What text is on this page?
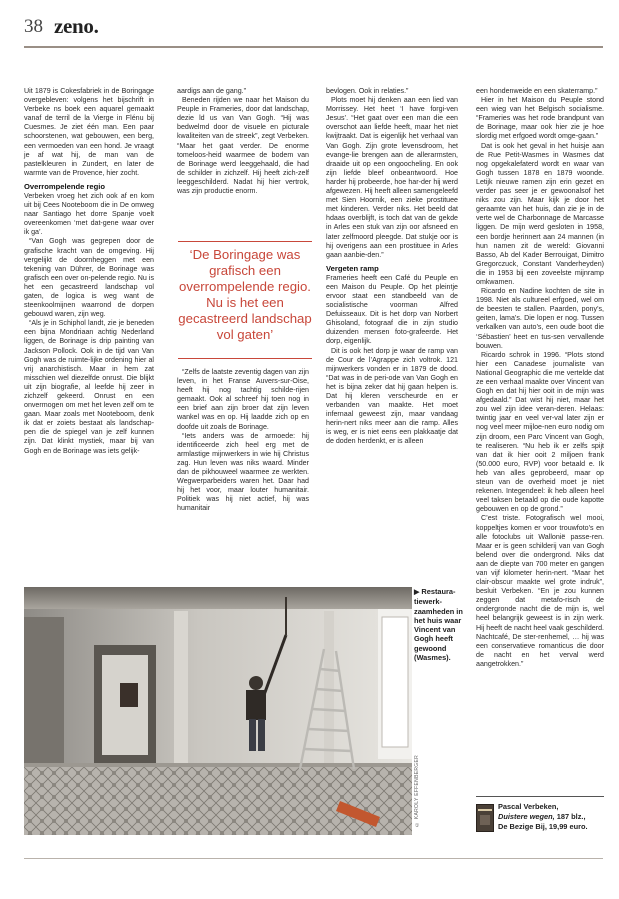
38 zeno.

Uit 1879 is Cokesfabriek in de Boringage overgebleven: volgens het bijschrift in Verbeke ns boek een aquarel gemaakt vanaf de terril de la Vierge in Flénu bij Cuesmes. Je ziet één man. Een paar schoorstenen, wat gebouwen, een berg, een vermoeden van een hond. Je vraagt je af wat hij, de man van de pastelkleuren in Zundert, en later de warmte van de Provence, hier zocht.

Overrompelende regio

Verbeken vroeg het zich ook af en kom uit bij Cees Nooteboom die in De omweg naar Santiago het dorre Spanje voelt overeenkomen ‘met dat-gene waar over ik ga’.

“Van Gogh was gegrepen door de grafische kracht van de omgeving. Hij vergelijkt de doornheggen met een tekening van Dührer, de Borinage was grafisch een over on-pelende regio. Nu is het een gecastreerd landschap vol gaten, de logica is weg want de steenkoolmijnen waarrond de dorpen gebouwd waren, zijn weg.

“Als je in Schiphol landt, zie je beneden een bijna Mondriaan achtig Nederland liggen, de Borinage is drip painting van Jackson Pollock. Ook in de tijd van Van Gogh was de ruimte-lijke ordening hier al vrij anarchistisch. Maar in hem zat misschien wel diezelfde onrust. Die blijkt uit zijn biografie, al leefde hij zeer in zichzelf gekeerd. Onrust en een onvermogen om met het leven zelf om te gaan. Maar zoals met Nooteboom, denk ik dat er zoiets bestaat als landschap-pen die de spiegel van je zelf kunnen zijn. Dat klinkt mystiek, maar bij van Gogh en de Borinage was iets gelijk-

aardigs aan de gang.”

Beneden rijden we naar het Maison du Peuple in Frameries, door dat landschap, dezie ld us van Van Gogh. “Hij was bedwelmd door de visuele en picturale kwaliteiten van de streek”, zegt Verbeken. “Maar het gaat verder. De enorme tomeloos-heid waarmee de bodem van de Borinage werd leeggehaald, die had de schilder in zichzelf. Hij heeft zich-zelf leeggeschilderd. Nadat hij hier vertrok, was zijn productie enorm.

‘De Boringage was grafisch een overrompelende regio. Nu is het een gecastreerd landschap vol gaten’

“Zelfs de laatste zeventig dagen van zijn leven, in het Franse Auvers-sur-Oise, heeft hij nog tachtig schilde-rijen gemaakt. Ook al schreef hij toen nog in een brief aan zijn broer dat zijn leven wankel was en op. Hij laadde zich op en doofde uit zoals de Borinage.

“Iets anders was de armoede: hij identificeerde zich heel erg met de armlastige mijnwerkers in wie hij Christus zag. Hun leven was niks waard. Minder dan de pikhouweel waarmee ze werkten. Wegwerparbeiders waren het. Daar had hij het voor, maar louter humanitair. Politiek was hij niet actief, hij was humanitair

bevlogen. Ook in relaties.”

Plots moet hij denken aan een lied van Morrissey. Het heet ‘I have forgi-ven Jesus’. “Het gaat over een man die een overschot aan liefde heeft, maar het niet kwijtraakt. Dat is eigenlijk het verhaal van Van Gogh. Zijn grote levensdroom, het evange-lie brengen aan de allerarmsten, draaide uit op een ongoocheling. En ook zijn liefde bleef onbeantwoord. Hoe harder hij probeerde, hoe har-der hij werd afgewezen. Hij heeft alleen samengeleefd met Sien Hoornik, een zieke prostituee met kinderen. Verder niks. Het beeld dat hdaas overblijft, is toch dat van de gekde in Arles een stuk van zijn oor afsneed en later zelfmoord pleegde. Dat stukje oor is hij overigens aan een prostituee in Arles gaan aanbie-den.”

Vergeten ramp

Frameries heeft een Café du Peuple en een Maison du Peuple. Op het pleintje ervoor staat een standbeeld van de socialistische voorman Alfred Defuisseaux. Dit is het dorp van Norbert Ghisoland, fotograaf die in zijn studio duizenden mensen foto-grafeerde. Het dorp, eigenlijk.

Dit is ook het dorp je waar de ramp van de Cour de l’Agrappe zich voltrok. 121 mijnwerkers vonden er in 1879 de dood. “Dat was in de peri-ode van Van Gogh en het is bijna zeker dat hij gaan helpen is. Dat hij kleren verscheurde en er verbanden van maakte. Het moet infernaal geweest zijn, maar vandaag herin-nert niks meer aan die ramp. Alles is weg, er is niet eens een plakkaatje dat de doden herdenkt, er is alleen

een hondenweide en een skaterramp.”

Hier in het Maison du Peuple stond een wieg van het Belgisch socialisme. “Frameries was het rode brandpunt van de Borinage, maar ook hier zie je hoe slordig met erfgoed wordt omge-gaan.”

Dat is ook het geval in het huisje aan de Rue Petit-Wasmes in Wasmes dat nog opgekalefaterd wordt en waar van Gogh tussen 1878 en 1879 woonde. Letijk nieuwe ramen zijn erin gezet en verder pas seer je er gewoonalsof het niks zou zijn. Maar kijk je door het geraamte van het huis, dan zie je in de verte wel de Charbonnage de Marcasse liggen. De mijn werd gesloten in 1958, een bordje herinnert aan 24 mannen (in hun namen zit de wereld: Giovanni Basso, Ab del Kader Berrouigat, Dimitro Gregorczuck, Constant Vanderheyden) die in 1953 bij een zoveelste mijnramp omkwamen.

Ricardo en Nadine kochten de site in 1998. Niet als cultureel erfgoed, wel om de beesten te stallen. Paarden, pony’s, geiten, lama’s. Die lopen er nog. Tussen verkalken van auto’s, een oude boot die ‘Sébastien’ heet en tus-sen vervallende bouwen.

Ricardo schrok in 1996. “Plots stond hier een Canadese journaliste van National Geographic die me vertelde dat ze een verhaal maakte over Vincent van Gogh en dat hij hier ooit in de mijn was afgedaald.” Dat wist hij niet, maar het zou wel zijn idee veran-deren. Helaas: twintig jaar en veel ver-val later zijn er nog veel meer mijloe-nen euro nodig om zijn droom, een Parc Vincent van Gogh, te realiseren. “Nu heb ik er zelfs spijt van dat ik hier ooit 2 miljoen frank (50.000 euro, RVP) voor betaald e. Ik heb van alles geprobeerd, maar op steun van de overheid moet je niet rekenen. Integendeel: ik heb alleen heel veel taksen betaald op die oude kapotte gebouwen en op de grond.”

C’est triste. Fotografisch wel mooi, koppeltjes komen er voor trouwfoto’s en alle fotoclubs uit Wallonië passe-ren. Maar er is geen schilderij van van Gogh belend over die ondergrond. Niks dat aan de diepte van 700 meter en gangen van vijf kilometer herin-nert. “Maar het clair-obscur maakte wel grote indruk”, besluit Verbeken. “En je zou kunnen zeggen dat metafo-risch de ondergronde nacht die de mijn is, wel heel belangrijk geweest is in zijn werk. Hij heeft de nacht heel vaak geschilderd. Nachtcafé, De ster-renhemel, … hij was een conservatieve romanticus die door de nacht en het verval werd aangetrokken.”

© KAROLY EFFENBERGER
▶ Restaura-tiewerk-zaamheden in het huis waar Vincent van Gogh heeft gewoond (Wasmes).
Pascal Verbeken,
Duistere wegen, 187 blz.,
De Bezige Bij, 19,99 euro.
